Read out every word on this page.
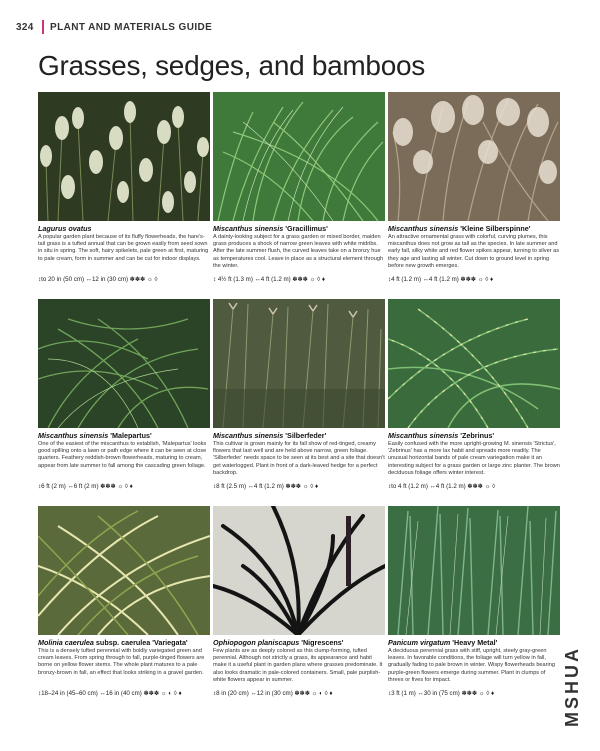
324 PLANT AND MATERIALS GUIDE
Grasses, sedges, and bamboos
Lagurus ovatus
A popular garden plant because of its fluffy flowerheads, the hare's-tail grass is a tufted annual that can be grown easily from seed sown in situ in spring. The soft, hairy spikelets, pale green at first, maturing to pale cream, form in summer and can be cut for indoor displays.
↕to 20 in (50 cm) ↔12 in (30 cm) ✽✽✽ ☼ ◊
Miscanthus sinensis 'Gracillimus'
A dainty-looking subject for a grass garden or mixed border, maiden grass produces a shock of narrow green leaves with white midribs. After the late summer flush, the curved leaves take on a bronzy hue as temperatures cool. Leave in place as a structural element through the winter.
↕ 4½ ft (1.3 m) ↔4 ft (1.2 m) ✽✽✽ ☼ ◊ ♦
Miscanthus sinensis 'Kleine Silberspinne'
An attractive ornamental grass with colorful, curving plumes, this miscanthus does not grow as tall as the species. In late summer and early fall, silky white and red flower spikes appear, turning to silver as they age and lasting all winter. Cut down to ground level in spring before new growth emerges.
↕4 ft (1.2 m) ↔4 ft (1.2 m) ✽✽✽ ☼ ◊ ♦
Miscanthus sinensis 'Malepartus'
One of the easiest of the miscanthus to establish, 'Malepartus' looks good spilling onto a lawn or path edge where it can be seen at close quarters. Feathery reddish-brown flowerheads, maturing to cream, appear from late summer to fall among the cascading green foliage.
↕6 ft (2 m) ↔6 ft (2 m) ✽✽✽ ☼ ◊ ♦
Miscanthus sinensis 'Silberfeder'
This cultivar is grown mainly for its fall show of red-tinged, creamy flowers that last well and are held above narrow, green foliage. 'Silberfeder' needs space to be seen at its best and a site that doesn't get waterlogged. Plant in front of a dark-leaved hedge for a perfect backdrop.
↕8 ft (2.5 m) ↔4 ft (1.2 m) ✽✽✽ ☼ ◊ ♦
Miscanthus sinensis 'Zebrinus'
Easily confused with the more upright-growing M. sinensis 'Strictus', 'Zebrinus' has a more lax habit and spreads more readily. The unusual horizontal bands of pale cream variegation make it an interesting subject for a grass garden or large zinc planter. The brown deciduous foliage offers winter interest.
↕to 4 ft (1.2 m) ↔4 ft (1.2 m) ✽✽✽ ☼ ◊
Molinia caerulea subsp. caerulea 'Variegata'
This is a densely tufted perennial with boldly variegated green and cream leaves. From spring through to fall, purple-tinged flowers are borne on yellow flower stems. The whole plant matures to a pale bronzy-brown in fall, an effect that looks striking in a gravel garden.
↕18–24 in (45–60 cm) ↔16 in (40 cm) ✽✽✽ ☼ ◐ ◊ ♦
Ophiopogon planiscapus 'Nigrescens'
Few plants are as deeply colored as this clump-forming, tufted perennial. Although not strictly a grass, its appearance and habit make it a useful plant in garden plans where grasses predominate. It also looks dramatic in pale-colored containers. Small, pale purplish-white flowers appear in summer.
↕8 in (20 cm) ↔12 in (30 cm) ✽✽✽ ☼ ◐ ◊ ♦
Panicum virgatum 'Heavy Metal'
A deciduous perennial grass with stiff, upright, steely gray-green leaves. In favorable conditions, the foliage will turn yellow in fall, gradually fading to pale brown in winter. Wispy flowerheads bearing purple-green flowers emerge during summer. Plant in clumps of threes or fives for impact.
↕3 ft (1 m) ↔30 in (75 cm) ✽✽✽ ☼ ◊ ♦	MSHUA
